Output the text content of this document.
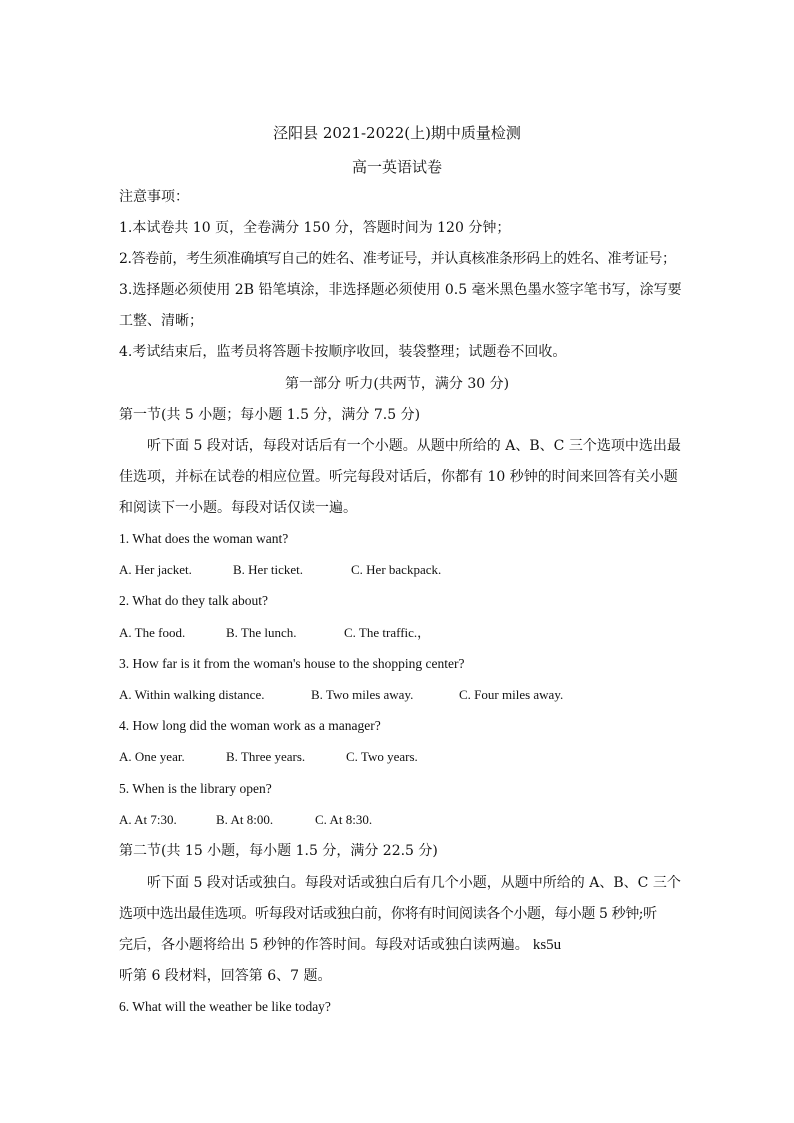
泾阳县 2021-2022(上)期中质量检测
高一英语试卷
注意事项：
1.本试卷共 10 页，全卷满分 150 分，答题时间为 120 分钟；
2.答卷前，考生须准确填写自己的姓名、准考证号，并认真核准条形码上的姓名、准考证号；
3.选择题必须使用 2B 铅笔填涂，非选择题必须使用 0.5 毫米黑色墨水签字笔书写，涂写要
工整、清晰；
4.考试结束后，监考员将答题卡按顺序收回，装袋整理；试题卷不回收。
第一部分 听力(共两节，满分 30 分)
第一节(共 5 小题；每小题 1.5 分，满分 7.5 分)
听下面 5 段对话，每段对话后有一个小题。从题中所给的 A、B、C 三个选项中选出最
佳选项，并标在试卷的相应位置。听完每段对话后，你都有 10 秒钟的时间来回答有关小题
和阅读下一小题。每段对话仅读一遍。
1. What does the woman want?
A. Her jacket.	B. Her ticket.	C. Her backpack.
2. What do they talk about?
A. The food.	B. The lunch.	C. The traffic.，
3. How far is it from the woman's house to the shopping center?
A. Within walking distance.	B. Two miles away.	C. Four miles away.
4. How long did the woman work as a manager?
A. One year.	B. Three years.	C. Two years.
5. When is the library open?
A. At 7:30.	B. At 8:00.	C. At 8:30.
第二节(共 15 小题，每小题 1.5 分，满分 22.5 分)
听下面 5 段对话或独白。每段对话或独白后有几个小题，从题中所给的 A、B、C 三个
选项中选出最佳选项。听每段对话或独白前，你将有时间阅读各个小题，每小题 5 秒钟;听
完后，各小题将给出 5 秒钟的作答时间。每段对话或独白读两遍。 ks5u
听第 6 段材料，回答第 6、7 题。
6. What will the weather be like today?
